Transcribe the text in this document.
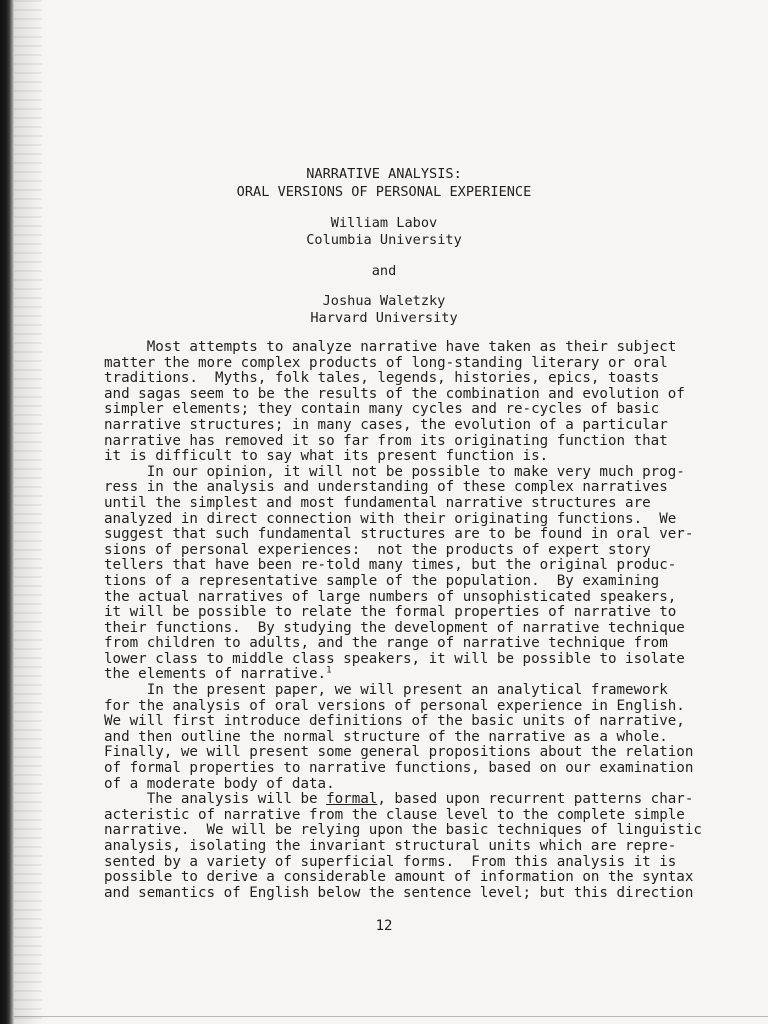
NARRATIVE ANALYSIS:
ORAL VERSIONS OF PERSONAL EXPERIENCE
William Labov
Columbia University
and
Joshua Waletzky
Harvard University

Most attempts to analyze narrative have taken as their subject

matter the more complex products of long-standing literary or oral

traditions.  Myths, folk tales, legends, histories, epics, toasts

and sagas seem to be the results of the combination and evolution of

simpler elements; they contain many cycles and re-cycles of basic

narrative structures; in many cases, the evolution of a particular

narrative has removed it so far from its originating function that

it is difficult to say what its present function is.

In our opinion, it will not be possible to make very much prog-

ress in the analysis and understanding of these complex narratives

until the simplest and most fundamental narrative structures are

analyzed in direct connection with their originating functions.  We

suggest that such fundamental structures are to be found in oral ver-

sions of personal experiences:  not the products of expert story

tellers that have been re-told many times, but the original produc-

tions of a representative sample of the population.  By examining

the actual narratives of large numbers of unsophisticated speakers,

it will be possible to relate the formal properties of narrative to

their functions.  By studying the development of narrative technique

from children to adults, and the range of narrative technique from

lower class to middle class speakers, it will be possible to isolate

the elements of narrative.$^1$

In the present paper, we will present an analytical framework

for the analysis of oral versions of personal experience in English.

We will first introduce definitions of the basic units of narrative,

and then outline the normal structure of the narrative as a whole.

Finally, we will present some general propositions about the relation

of formal properties to narrative functions, based on our examination

of a moderate body of data.

The analysis will be formal, based upon recurrent patterns char-

acteristic of narrative from the clause level to the complete simple

narrative.  We will be relying upon the basic techniques of linguistic

analysis, isolating the invariant structural units which are repre-

sented by a variety of superficial forms.  From this analysis it is

possible to derive a considerable amount of information on the syntax

and semantics of English below the sentence level; but this direction

12
